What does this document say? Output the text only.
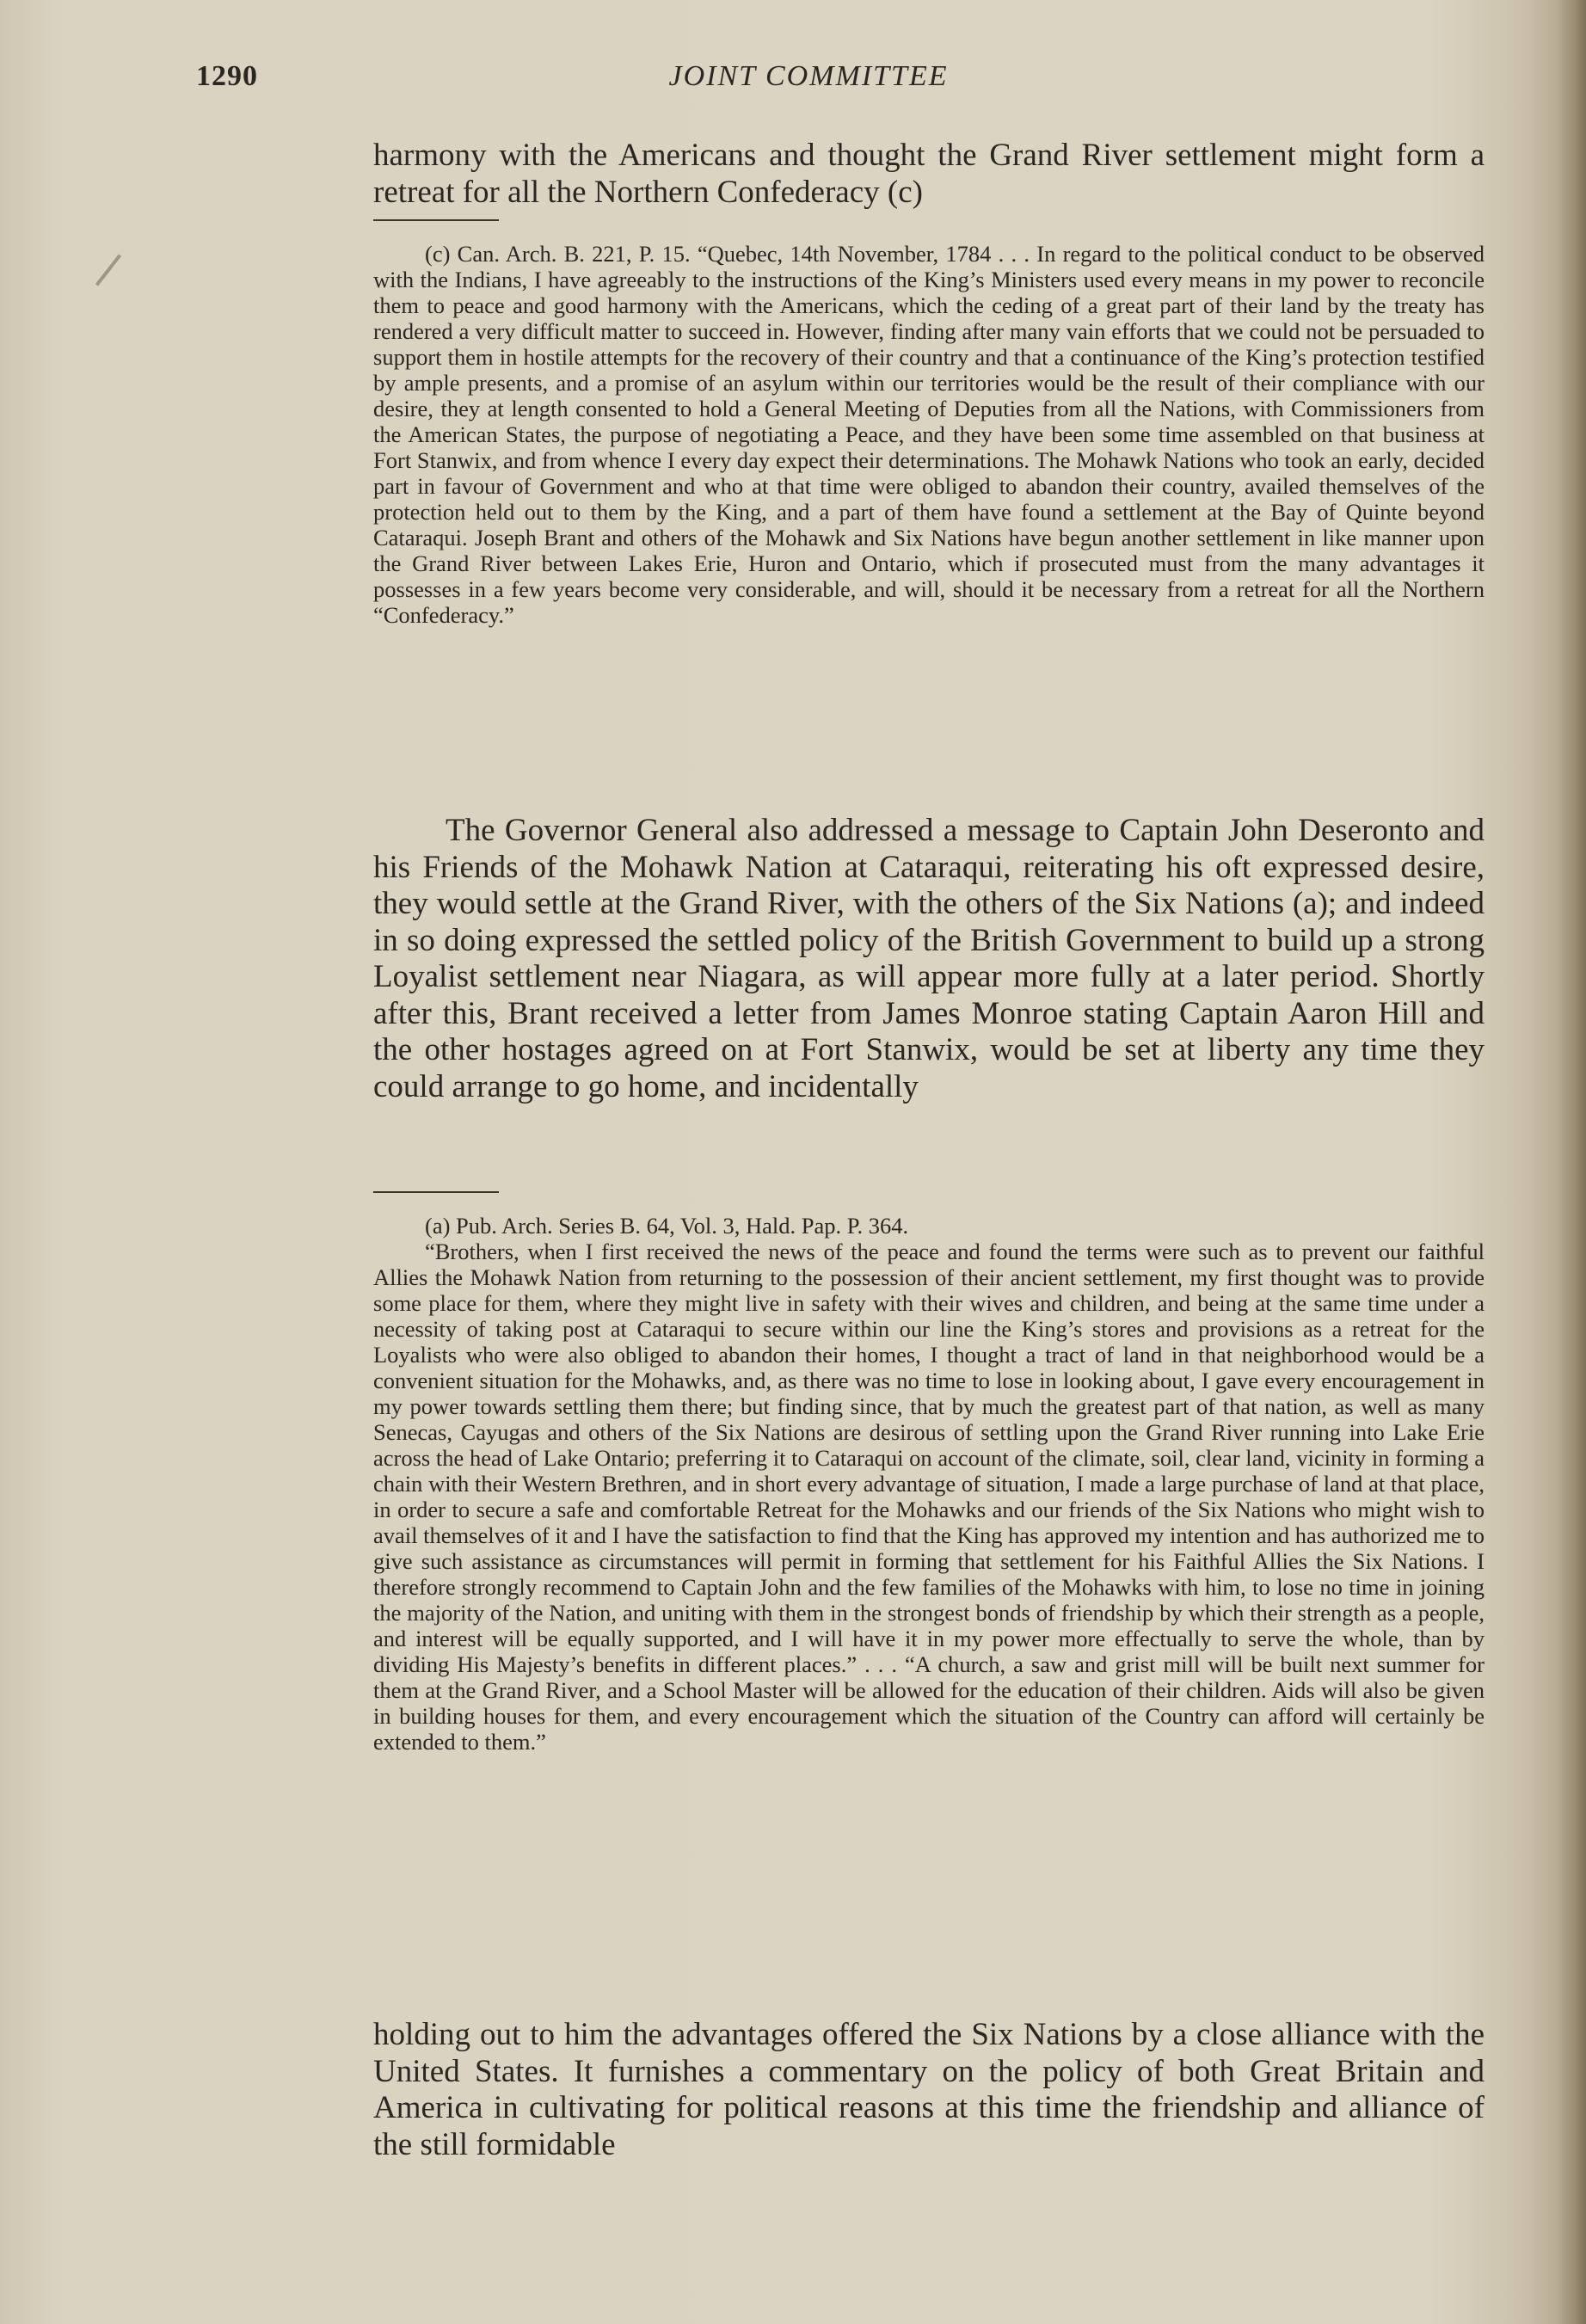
1290	JOINT COMMITTEE

harmony with the Americans and thought the Grand River settlement might form a retreat for all the Northern Confederacy (c)

(c) Can. Arch. B. 221, P. 15. “Quebec, 14th November, 1784 . . . In regard to the political conduct to be observed with the Indians, I have agreeably to the instructions of the King’s Ministers used every means in my power to reconcile them to peace and good harmony with the Americans, which the ceding of a great part of their land by the treaty has rendered a very difficult matter to succeed in. However, finding after many vain efforts that we could not be persuaded to support them in hostile attempts for the recovery of their country and that a continuance of the King’s protection testified by ample presents, and a promise of an asylum within our territories would be the result of their compliance with our desire, they at length consented to hold a General Meeting of Deputies from all the Nations, with Commissioners from the American States, the purpose of negotiating a Peace, and they have been some time assembled on that business at Fort Stanwix, and from whence I every day expect their determinations. The Mohawk Nations who took an early, decided part in favour of Government and who at that time were obliged to abandon their country, availed themselves of the protection held out to them by the King, and a part of them have found a settlement at the Bay of Quinte beyond Cataraqui. Joseph Brant and others of the Mohawk and Six Nations have begun another settlement in like manner upon the Grand River between Lakes Erie, Huron and Ontario, which if prosecuted must from the many advantages it possesses in a few years become very considerable, and will, should it be necessary from a retreat for all the Northern “Confederacy.”

The Governor General also addressed a message to Captain John Deseronto and his Friends of the Mohawk Nation at Cataraqui, reiterating his oft expressed desire, they would settle at the Grand River, with the others of the Six Nations (a); and indeed in so doing expressed the settled policy of the British Government to build up a strong Loyalist settlement near Niagara, as will appear more fully at a later period. Shortly after this, Brant received a letter from James Monroe stating Captain Aaron Hill and the other hostages agreed on at Fort Stanwix, would be set at liberty any time they could arrange to go home, and incidentally

(a) Pub. Arch. Series B. 64, Vol. 3, Hald. Pap. P. 364.

“Brothers, when I first received the news of the peace and found the terms were such as to prevent our faithful Allies the Mohawk Nation from returning to the possession of their ancient settlement, my first thought was to provide some place for them, where they might live in safety with their wives and children, and being at the same time under a necessity of taking post at Cataraqui to secure within our line the King’s stores and provisions as a retreat for the Loyalists who were also obliged to abandon their homes, I thought a tract of land in that neighborhood would be a convenient situation for the Mohawks, and, as there was no time to lose in looking about, I gave every encouragement in my power towards settling them there; but finding since, that by much the greatest part of that nation, as well as many Senecas, Cayugas and others of the Six Nations are desirous of settling upon the Grand River running into Lake Erie across the head of Lake Ontario; preferring it to Cataraqui on account of the climate, soil, clear land, vicinity in forming a chain with their Western Brethren, and in short every advantage of situation, I made a large purchase of land at that place, in order to secure a safe and comfortable Retreat for the Mohawks and our friends of the Six Nations who might wish to avail themselves of it and I have the satisfaction to find that the King has approved my intention and has authorized me to give such assistance as circumstances will permit in forming that settlement for his Faithful Allies the Six Nations. I therefore strongly recommend to Captain John and the few families of the Mohawks with him, to lose no time in joining the majority of the Nation, and uniting with them in the strongest bonds of friendship by which their strength as a people, and interest will be equally supported, and I will have it in my power more effectually to serve the whole, than by dividing His Majesty’s benefits in different places.” . . . “A church, a saw and grist mill will be built next summer for them at the Grand River, and a School Master will be allowed for the education of their children. Aids will also be given in building houses for them, and every encouragement which the situation of the Country can afford will certainly be extended to them.”

holding out to him the advantages offered the Six Nations by a close alliance with the United States. It furnishes a commentary on the policy of both Great Britain and America in cultivating for political reasons at this time the friendship and alliance of the still formidable
